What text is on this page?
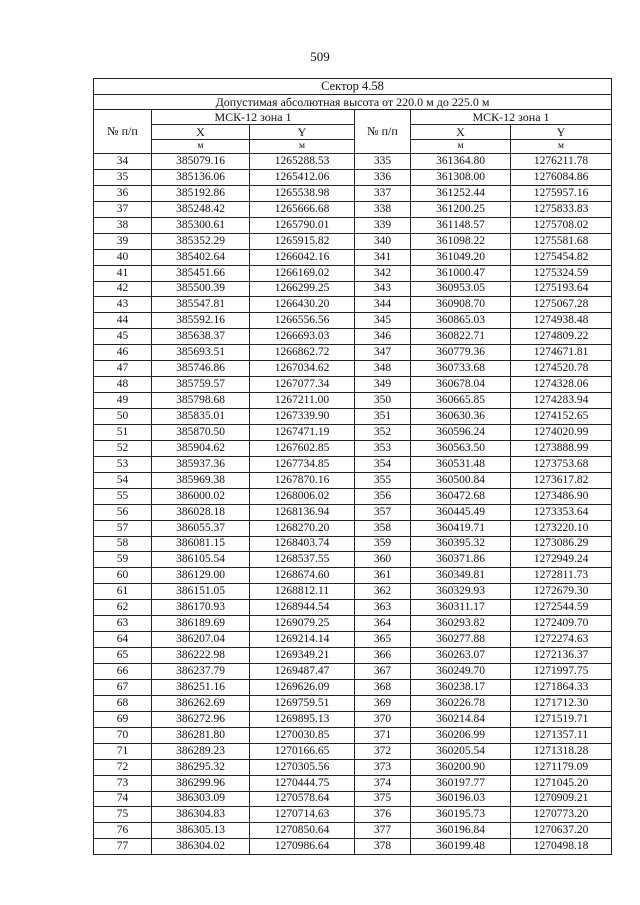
509
Сектор 4.58					
Допустимая абсолютная высота от 220.0 м до 225.0 м					
№ п/п	МСК-12 зона 1		№ п/п	МСК-12 зона 1	
	X	Y		X	Y
	м	м		м	м
34	385079.16	1265288.53	335	361364.80	1276211.78
35	385136.06	1265412.06	336	361308.00	1276084.86
36	385192.86	1265538.98	337	361252.44	1275957.16
37	385248.42	1265666.68	338	361200.25	1275833.83
38	385300.61	1265790.01	339	361148.57	1275708.02
39	385352.29	1265915.82	340	361098.22	1275581.68
40	385402.64	1266042.16	341	361049.20	1275454.82
41	385451.66	1266169.02	342	361000.47	1275324.59
42	385500.39	1266299.25	343	360953.05	1275193.64
43	385547.81	1266430.20	344	360908.70	1275067.28
44	385592.16	1266556.56	345	360865.03	1274938.48
45	385638.37	1266693.03	346	360822.71	1274809.22
46	385693.51	1266862.72	347	360779.36	1274671.81
47	385746.86	1267034.62	348	360733.68	1274520.78
48	385759.57	1267077.34	349	360678.04	1274328.06
49	385798.68	1267211.00	350	360665.85	1274283.94
50	385835.01	1267339.90	351	360630.36	1274152.65
51	385870.50	1267471.19	352	360596.24	1274020.99
52	385904.62	1267602.85	353	360563.50	1273888.99
53	385937.36	1267734.85	354	360531.48	1273753.68
54	385969.38	1267870.16	355	360500.84	1273617.82
55	386000.02	1268006.02	356	360472.68	1273486.90
56	386028.18	1268136.94	357	360445.49	1273353.64
57	386055.37	1268270.20	358	360419.71	1273220.10
58	386081.15	1268403.74	359	360395.32	1273086.29
59	386105.54	1268537.55	360	360371.86	1272949.24
60	386129.00	1268674.60	361	360349.81	1272811.73
61	386151.05	1268812.11	362	360329.93	1272679.30
62	386170.93	1268944.54	363	360311.17	1272544.59
63	386189.69	1269079.25	364	360293.82	1272409.70
64	386207.04	1269214.14	365	360277.88	1272274.63
65	386222.98	1269349.21	366	360263.07	1272136.37
66	386237.79	1269487.47	367	360249.70	1271997.75
67	386251.16	1269626.09	368	360238.17	1271864.33
68	386262.69	1269759.51	369	360226.78	1271712.30
69	386272.96	1269895.13	370	360214.84	1271519.71
70	386281.80	1270030.85	371	360206.99	1271357.11
71	386289.23	1270166.65	372	360205.54	1271318.28
72	386295.32	1270305.56	373	360200.90	1271179.09
73	386299.96	1270444.75	374	360197.77	1271045.20
74	386303.09	1270578.64	375	360196.03	1270909.21
75	386304.83	1270714.63	376	360195.73	1270773.20
76	386305.13	1270850.64	377	360196.84	1270637.20
77	386304.02	1270986.64	378	360199.48	1270498.18
